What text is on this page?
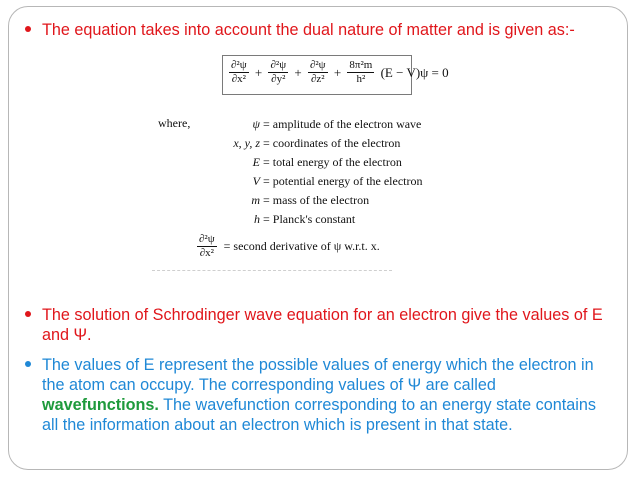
The equation takes into account the dual nature of matter and is given as:-
$\frac{\text{∂²ψ}}{\text{∂x²}} + \frac{\text{∂²ψ}}{\text{∂y²}} + \frac{\text{∂²ψ}}{\text{∂z²}} + \frac{\text{8π²m}}{\text{h²}} (E - V)\psi = 0$
where,	ψ = amplitude of the electron wave
x, y, z = coordinates of the electron
E = total energy of the electron
V = potential energy of the electron
m = mass of the electron
h = Planck's constant
$\frac{\text{∂²ψ}}{\text{∂x²}}$ = second derivative of ψ w.r.t. x.
The solution of Schrodinger wave equation for an electron give the values of E and Ψ.
The values of E represent the possible values of energy which the electron in the atom can occupy. The corresponding values of Ψ are called wavefunctions. The wavefunction corresponding to an energy state contains all the information about an electron which is present in that state.
